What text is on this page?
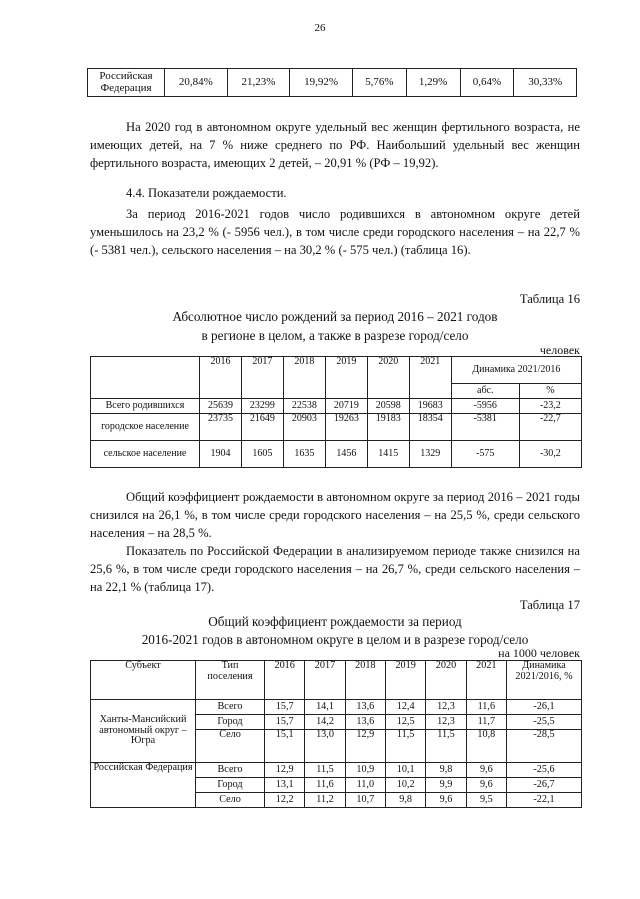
26
Российская Федерация	20,84%	21,23%	19,92%	5,76%	1,29%	0,64%	30,33%

На 2020 год в автономном округе удельный вес женщин фертильного возраста, не имеющих детей, на 7 % ниже среднего по РФ. Наибольший удельный вес женщин фертильного возраста, имеющих 2 детей, – 20,91 % (РФ – 19,92).

4.4. Показатели рождаемости.

За период 2016-2021 годов число родившихся в автономном округе детей уменьшилось на 23,2 % (- 5956 чел.), в том числе среди городского населения – на 22,7 % (- 5381 чел.), сельского населения – на 30,2 % (- 575 чел.) (таблица 16).

Таблица 16

Абсолютное число рождений за период 2016 – 2021 годов

в регионе в целом, а также в разрезе город/село

человек
	2016	2017	2018	2019	2020	2021	Динамика 2021/2016	
							абс.	%
Всего родившихся	25639	23299	22538	20719	20598	19683	-5956	-23,2
городское население	23735	21649	20903	19263	19183	18354	-5381	-22,7
сельское население	1904	1605	1635	1456	1415	1329	-575	-30,2

Общий коэффициент рождаемости в автономном округе за период 2016 – 2021 годы снизился на 26,1 %, в том числе среди городского населения – на 25,5 %, среди сельского населения – на 28,5 %.

Показатель по Российской Федерации в анализируемом периоде также снизился на 25,6 %, в том числе среди городского населения – на 26,7 %, среди сельского населения – на 22,1 % (таблица 17).

Таблица 17

Общий коэффициент рождаемости за период

2016-2021 годов в автономном округе в целом и в разрезе город/село

на 1000 человек
Субъект	Тип поселения	2016	2017	2018	2019	2020	2021	Динамика 2021/2016, %
Ханты-Мансийский автономный округ – Югра	Всего	15,7	14,1	13,6	12,4	12,3	11,6	-26,1
	Город	15,7	14,2	13,6	12,5	12,3	11,7	-25,5
	Село	15,1	13,0	12,9	11,5	11,5	10,8	-28,5
Российская Федерация	Всего	12,9	11,5	10,9	10,1	9,8	9,6	-25,6
	Город	13,1	11,6	11,0	10,2	9,9	9,6	-26,7
	Село	12,2	11,2	10,7	9,8	9,6	9,5	-22,1
